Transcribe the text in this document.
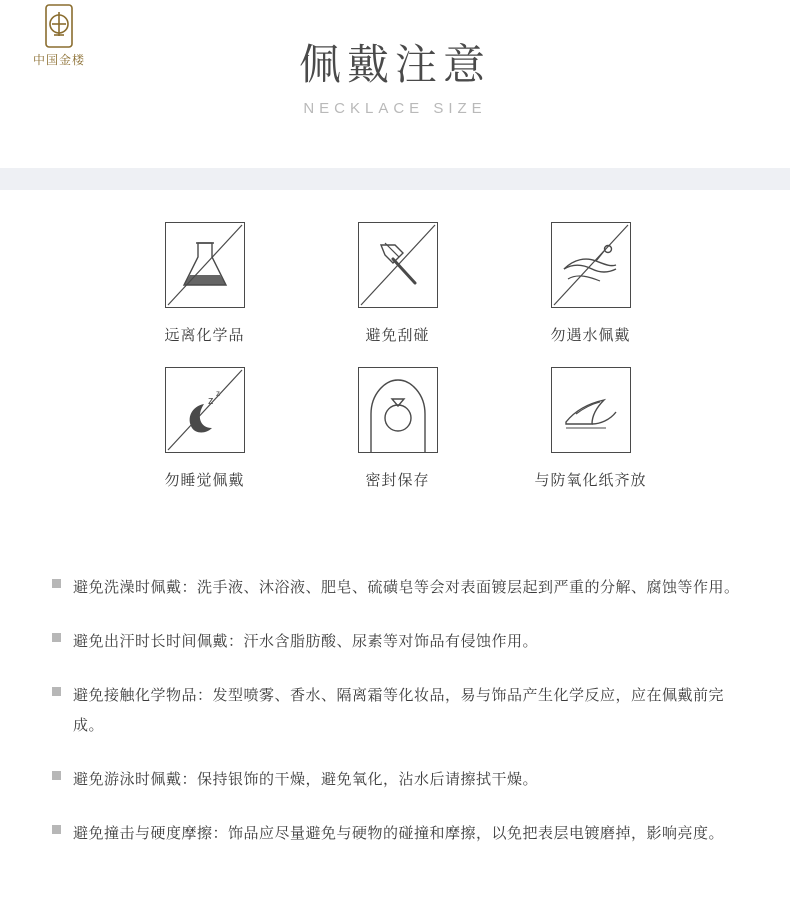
中国金楼	佩戴注意
NECKLACE SIZE
远离化学品	避免刮碰	勿遇水佩戴
z
z
勿睡觉佩戴	密封保存	与防氧化纸齐放
避免洗澡时佩戴：洗手液、沐浴液、肥皂、硫磺皂等会对表面镀层起到严重的分解、腐蚀等作用。
避免出汗时长时间佩戴：汗水含脂肪酸、尿素等对饰品有侵蚀作用。
避免接触化学物品：发型喷雾、香水、隔离霜等化妆品，易与饰品产生化学反应，应在佩戴前完成。
避免游泳时佩戴：保持银饰的干燥，避免氧化，沾水后请擦拭干燥。
避免撞击与硬度摩擦：饰品应尽量避免与硬物的碰撞和摩擦，以免把表层电镀磨掉，影响亮度。
